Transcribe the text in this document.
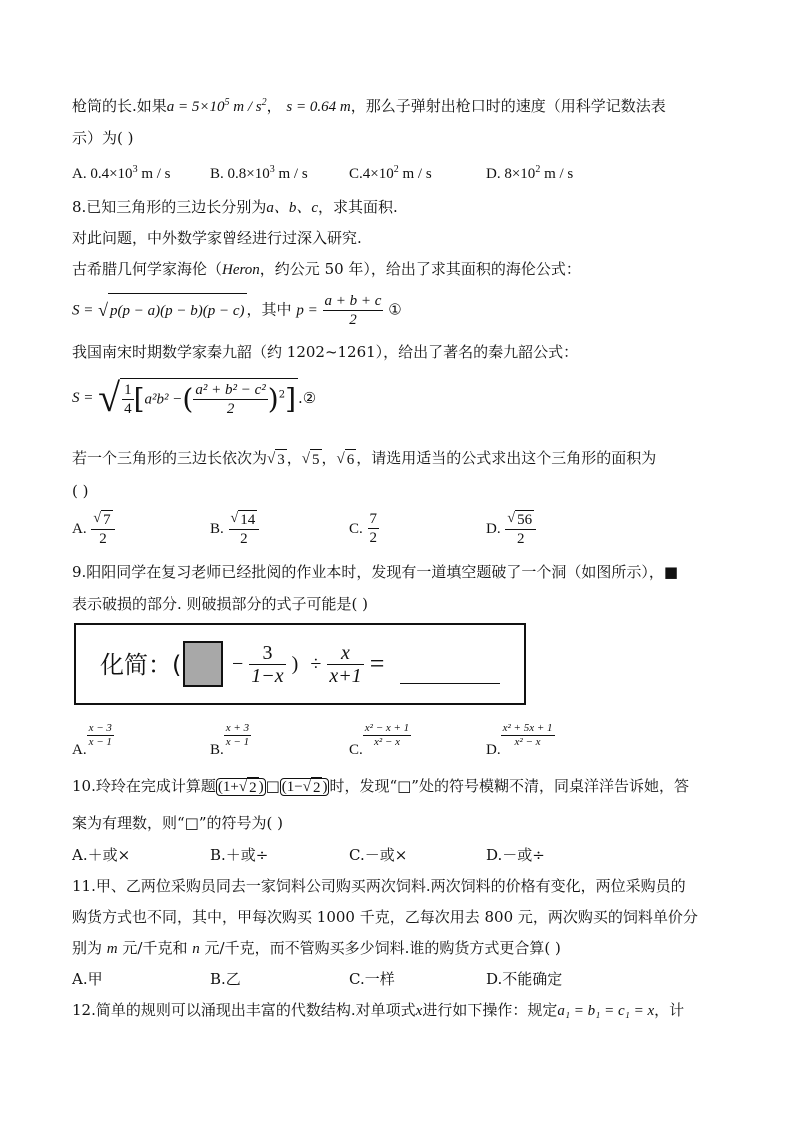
枪筒的长.如果$a = 5\times 10^5$ m / $s^2$， s = 0.64 m，那么子弹射出枪口时的速度（用科学记数法表
示）为( )
A. $0.4\times 10^3$ m / s	B. $0.8\times 10^3$ m / s	$C.4\times 10^2$ m / s	D. $8\times 10^2$ m / s
8.已知三角形的三边长分别为a、b、c，求其面积.
对此问题，中外数学家曾经进行过深入研究.
古希腊几何学家海伦（Heron，约公元 50 年），给出了求其面积的海伦公式：
S = √ p(p − a)(p − b)(p − c) ，其中 $p = \frac{a + b + c}{2}$ ①
我国南宋时期数学家秦九韶（约 1202~1261），给出了著名的秦九韶公式：
S = √ $\frac{1}{4} [a^2b^2$ −( $\frac{\text{a² + b² − c²}}{2} )^2$] .②
若一个三角形的三边长依次为√ 3 ，√ 5 ，√ 6 ，请选用适当的公式求出这个三角形的面积为
( )
A. $\frac{√ 7}{2}$	B. $\frac{√ 14}{2}$	C. $\frac{7}{2}$	D. $\frac{√ 56}{2}$
9.阳阳同学在复习老师已经批阅的作业本时，发现有一道填空题破了一个洞（如图所示），■
表示破损的部分. 则破损部分的式子可能是( )
化简：(	− $\frac{3}{1-x}$ ) ÷ $\frac{x}{x+1}$ =
A.
$\frac{x - 3}{x - 1}$
B.
$\frac{x + 3}{x - 1}$
C.
$\frac{\text{x² − x + 1}}{\text{x² − x}}$
D.
$\frac{\text{x² + 5x + 1}}{\text{x² − x}}$
10.玲玲在完成计算题 (1+√ 2 ) □ (1−√ 2 ) 时，发现“□”处的符号模糊不清，同桌洋洋告诉她，答
案为有理数，则“□”的符号为( )
A.＋或×	B.＋或÷	C.－或×	D.－或÷
11.甲、乙两位采购员同去一家饲料公司购买两次饲料.两次饲料的价格有变化，两位采购员的
购货方式也不同，其中，甲每次购买 1000 千克，乙每次用去 800 元，两次购买的饲料单价分
别为 m 元/千克和 n 元/千克，而不管购买多少饲料.谁的购货方式更合算( )
A.甲	B.乙	C.一样	D.不能确定
12.简单的规则可以涌现出丰富的代数结构.对单项式x进行如下操作：规定a₁ = b₁ = c₁ = x，计
